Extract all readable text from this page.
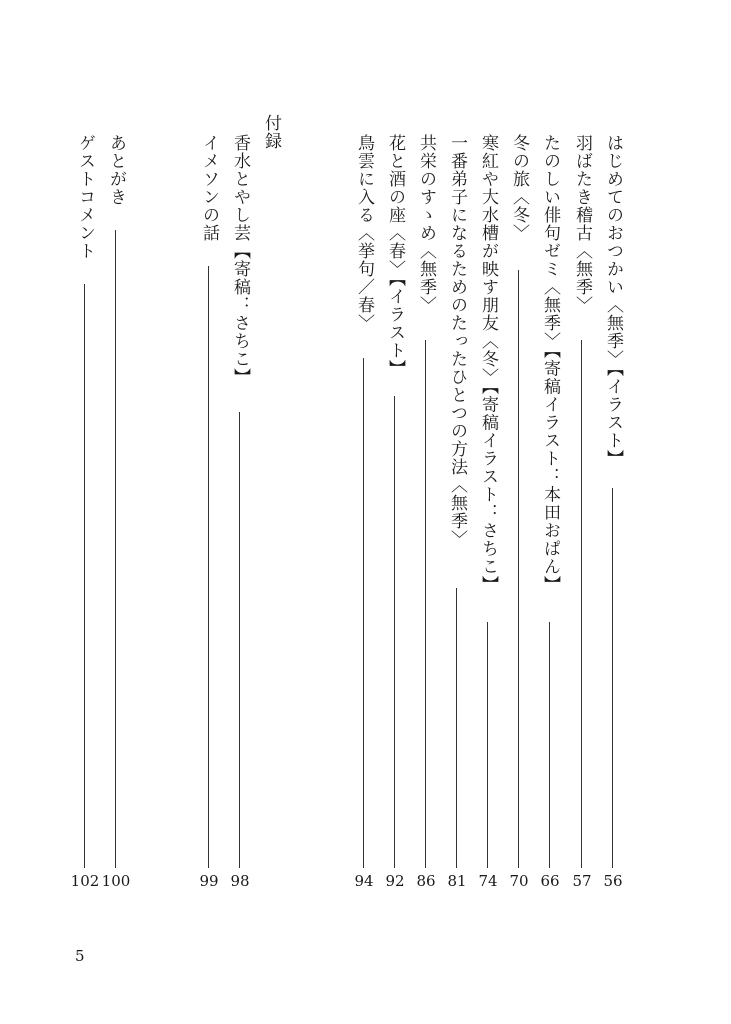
はじめてのおつかい〈無季〉【イラスト】
56
羽ばたき稽古〈無季〉
57
たのしい俳句ゼミ〈無季〉【寄稿イラスト：本田おぱん】
66
冬の旅〈冬〉
70
寒紅や大水槽が映す朋友〈冬〉【寄稿イラスト：さちこ】
74
一番弟子になるためのたったひとつの方法〈無季〉
81
共栄のすゝめ〈無季〉
86
花と酒の座〈春〉【イラスト】
92
鳥雲に入る〈挙句／春〉
94
付録
香水とやし芸【寄稿：さちこ】
98
イメソンの話
99
あとがき
100
ゲストコメント
102
5
